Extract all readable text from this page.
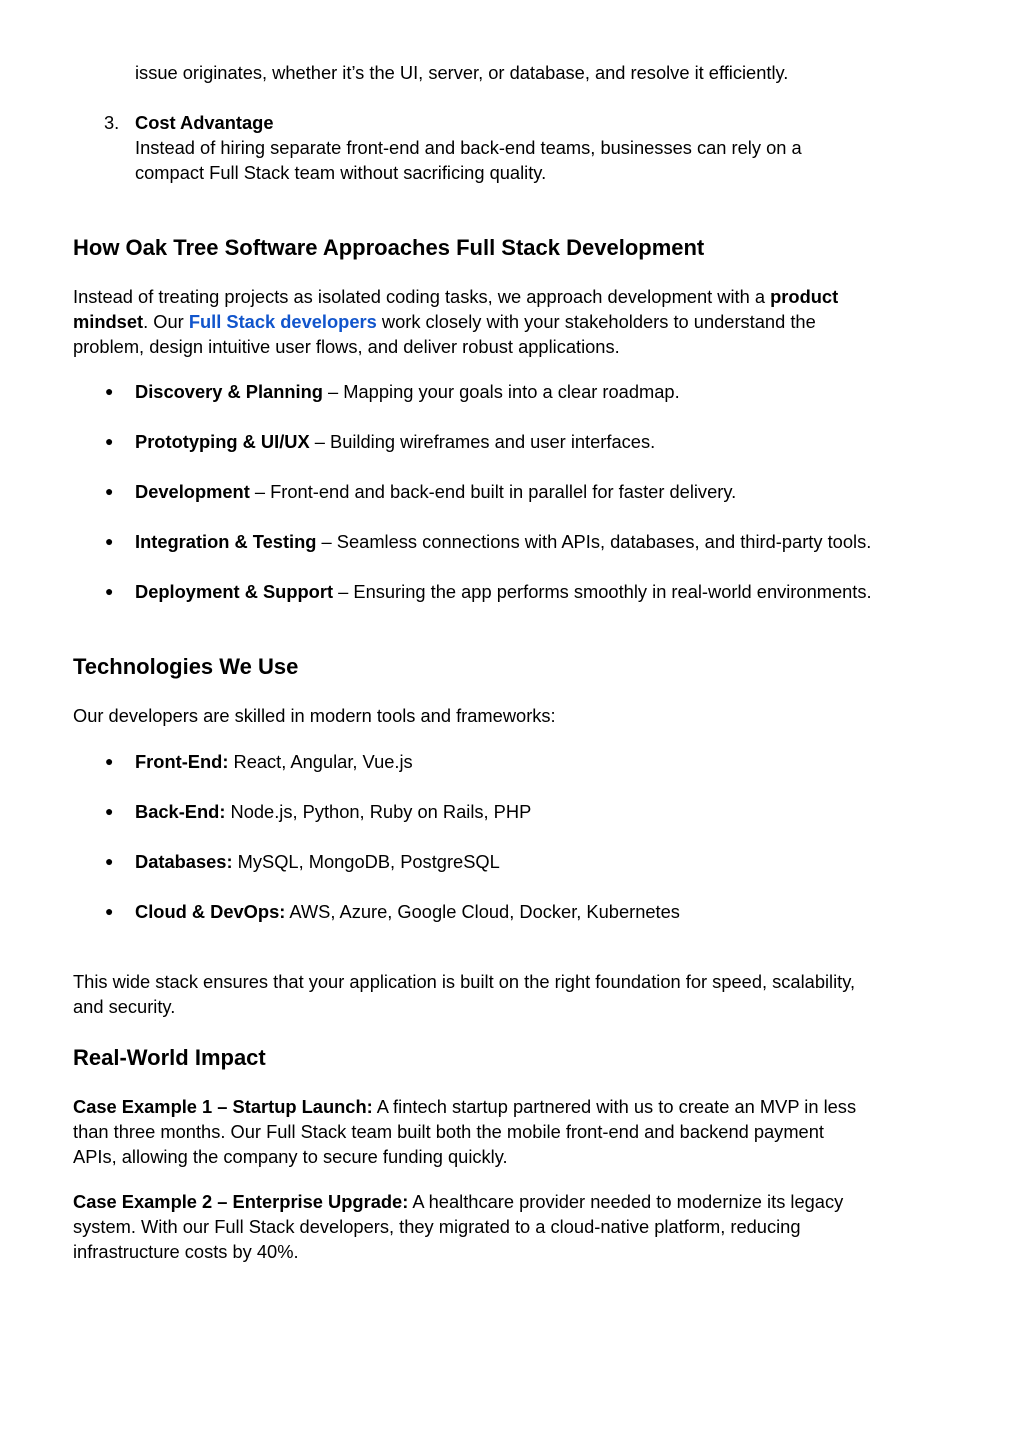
issue originates, whether it’s the UI, server, or database, and resolve it efficiently.
3. Cost Advantage
Instead of hiring separate front-end and back-end teams, businesses can rely on a
compact Full Stack team without sacrificing quality.
How Oak Tree Software Approaches Full Stack Development
Instead of treating projects as isolated coding tasks, we approach development with a product
mindset. Our Full Stack developers work closely with your stakeholders to understand the
problem, design intuitive user flows, and deliver robust applications.
● Discovery & Planning – Mapping your goals into a clear roadmap.
● Prototyping & UI/UX – Building wireframes and user interfaces.
● Development – Front-end and back-end built in parallel for faster delivery.
● Integration & Testing – Seamless connections with APIs, databases, and third-party tools.
● Deployment & Support – Ensuring the app performs smoothly in real-world environments.
Technologies We Use
Our developers are skilled in modern tools and frameworks:
● Front-End: React, Angular, Vue.js
● Back-End: Node.js, Python, Ruby on Rails, PHP
● Databases: MySQL, MongoDB, PostgreSQL
● Cloud & DevOps: AWS, Azure, Google Cloud, Docker, Kubernetes
This wide stack ensures that your application is built on the right foundation for speed, scalability,
and security.
Real-World Impact
Case Example 1 – Startup Launch: A fintech startup partnered with us to create an MVP in less
than three months. Our Full Stack team built both the mobile front-end and backend payment
APIs, allowing the company to secure funding quickly.
Case Example 2 – Enterprise Upgrade: A healthcare provider needed to modernize its legacy
system. With our Full Stack developers, they migrated to a cloud-native platform, reducing
infrastructure costs by 40%.
